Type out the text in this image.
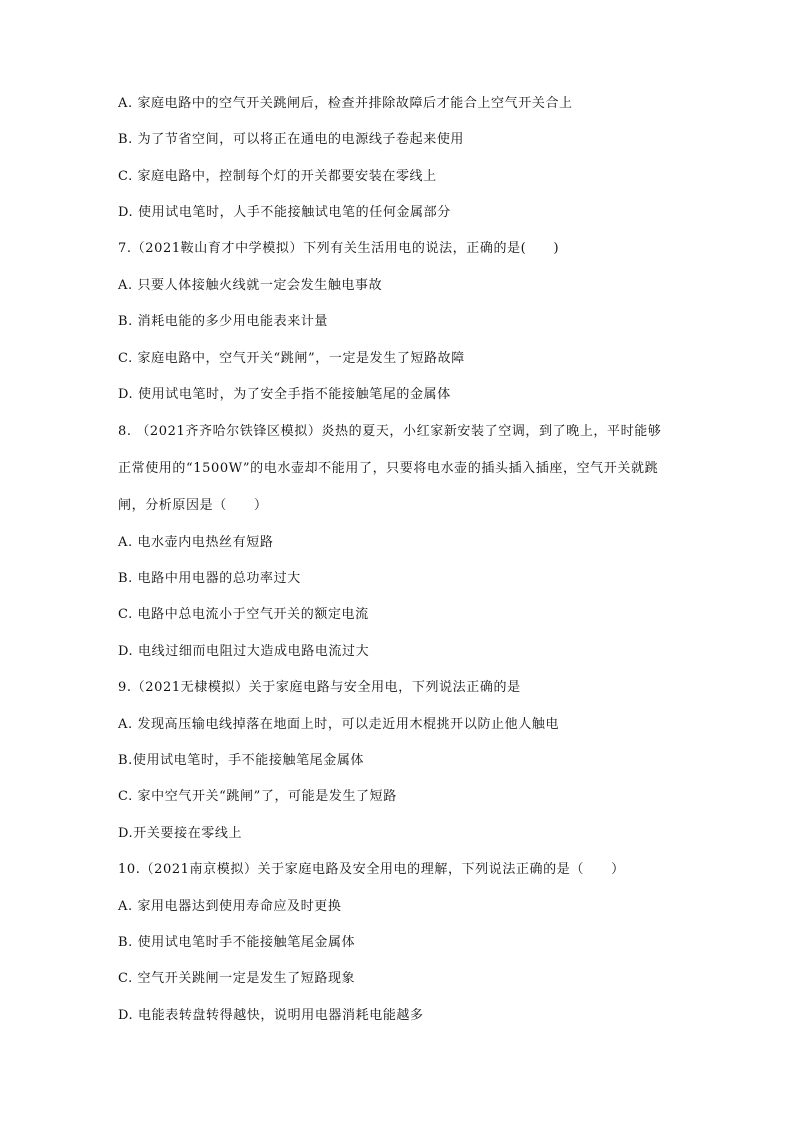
A. 家庭电路中的空气开关跳闸后，检查并排除故障后才能合上空气开关合上
B. 为了节省空间，可以将正在通电的电源线子卷起来使用
C. 家庭电路中，控制每个灯的开关都要安装在零线上
D. 使用试电笔时，人手不能接触试电笔的任何金属部分
7.（2021鞍山育才中学模拟）下列有关生活用电的说法，正确的是(　　)
A. 只要人体接触火线就一定会发生触电事故
B. 消耗电能的多少用电能表来计量
C. 家庭电路中，空气开关“跳闸”，一定是发生了短路故障
D. 使用试电笔时，为了安全手指不能接触笔尾的金属体
8. （2021齐齐哈尔铁锋区模拟）炎热的夏天，小红家新安装了空调，到了晚上，平时能够
正常使用的“1500W”的电水壶却不能用了，只要将电水壶的插头插入插座，空气开关就跳
闸，分析原因是（　　）
A. 电水壶内电热丝有短路
B. 电路中用电器的总功率过大
C. 电路中总电流小于空气开关的额定电流
D. 电线过细而电阻过大造成电路电流过大
9.（2021无棣模拟）关于家庭电路与安全用电，下列说法正确的是
A. 发现高压输电线掉落在地面上时，可以走近用木棍挑开以防止他人触电
B.使用试电笔时，手不能接触笔尾金属体
C. 家中空气开关“跳闸”了，可能是发生了短路
D.开关要接在零线上
10.（2021南京模拟）关于家庭电路及安全用电的理解，下列说法正确的是（　　）
A. 家用电器达到使用寿命应及时更换
B. 使用试电笔时手不能接触笔尾金属体
C. 空气开关跳闸一定是发生了短路现象
D. 电能表转盘转得越快，说明用电器消耗电能越多
